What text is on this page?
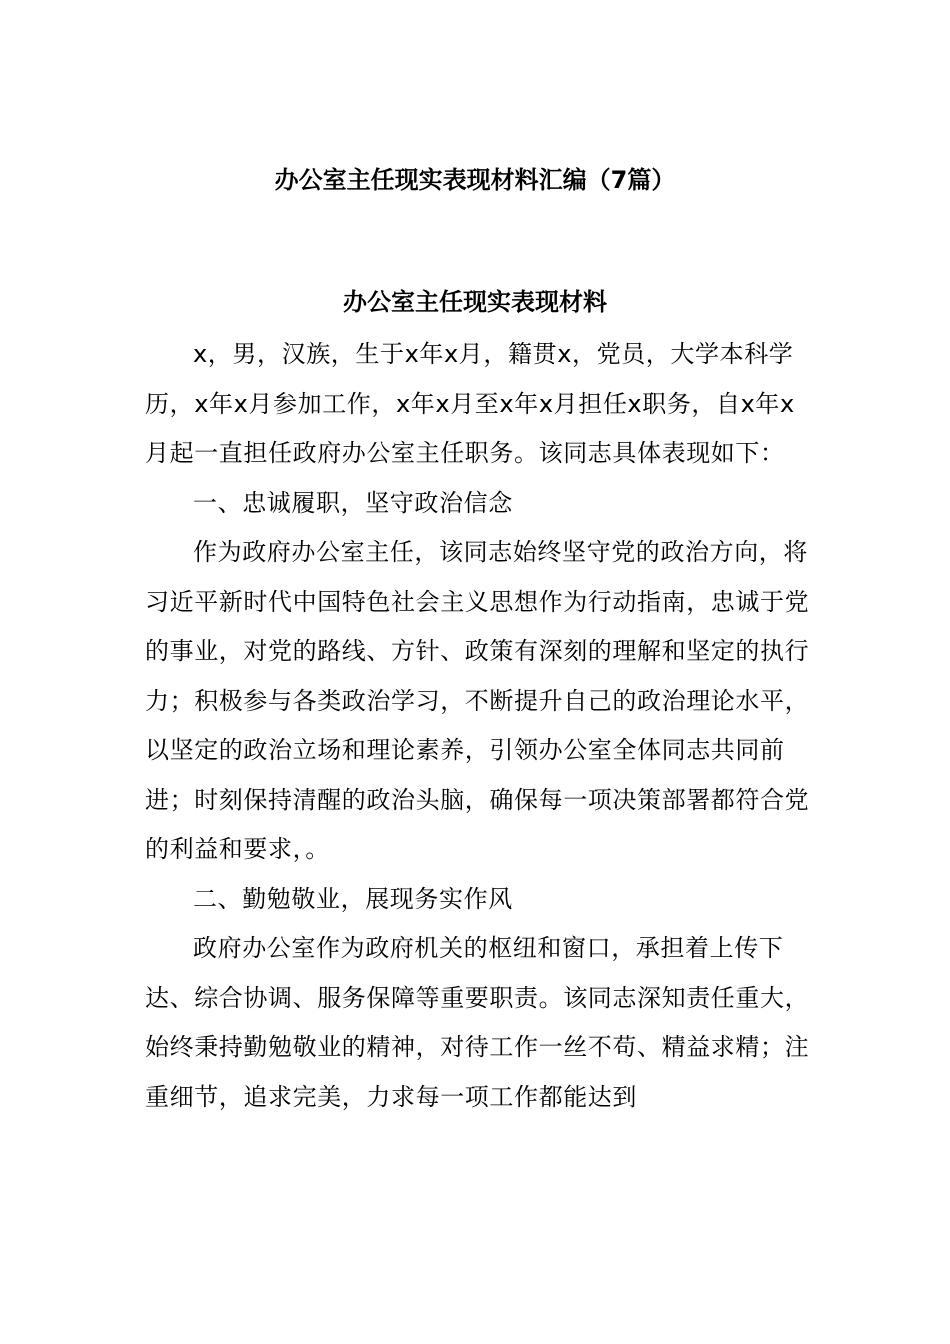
办公室主任现实表现材料汇编（7篇）
办公室主任现实表现材料

x，男，汉族，生于x年x月，籍贯x，党员，大学本科学历，x年x月参加工作，x年x月至x年x月担任x职务，自x年x月起一直担任政府办公室主任职务。该同志具体表现如下：

一、忠诚履职，坚守政治信念

作为政府办公室主任，该同志始终坚守党的政治方向，将习近平新时代中国特色社会主义思想作为行动指南，忠诚于党的事业，对党的路线、方针、政策有深刻的理解和坚定的执行力；积极参与各类政治学习，不断提升自己的政治理论水平，以坚定的政治立场和理论素养，引领办公室全体同志共同前进；时刻保持清醒的政治头脑，确保每一项决策部署都符合党的利益和要求，。

二、勤勉敬业，展现务实作风

政府办公室作为政府机关的枢纽和窗口，承担着上传下达、综合协调、服务保障等重要职责。该同志深知责任重大，始终秉持勤勉敬业的精神，对待工作一丝不苟、精益求精；注重细节，追求完美，力求每一项工作都能达到
